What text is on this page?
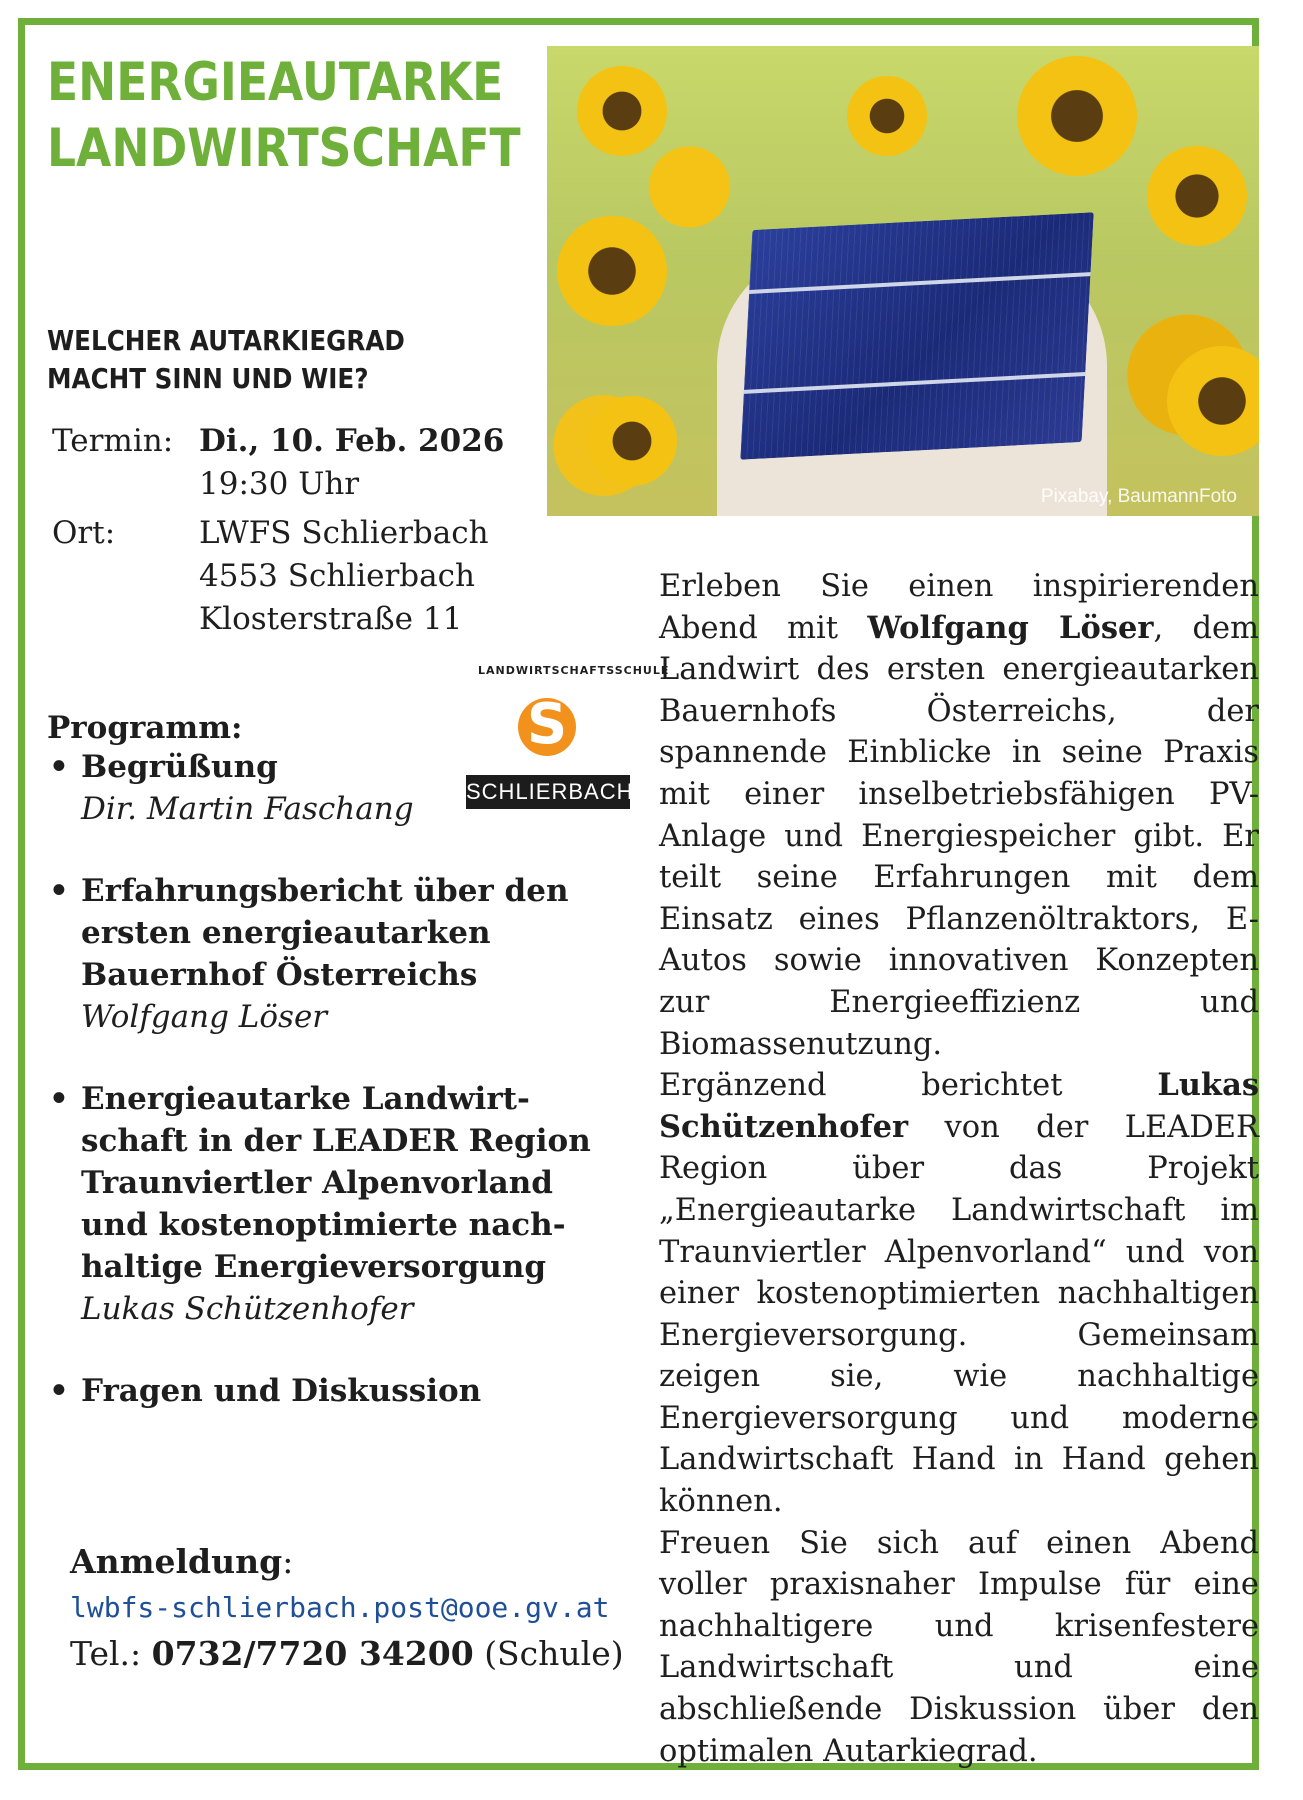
ENERGIEAUTARKE
LANDWIRTSCHAFT
Pixabay, BaumannFoto
WELCHER AUTARKIEGRAD
MACHT SINN UND WIE?
Termin: Di., 10. Feb. 2026
19:30 Uhr
Ort:	LWFS Schlierbach
4553 Schlierbach
Klosterstraße 11
LANDWIRTSCHAFTSSCHULE
S
SCHLIERBACH
Programm:
• Begrüßung
Dir. Martin Faschang
• Erfahrungsbericht über den
ersten energieautarken
Bauernhof Österreichs
Wolfgang Löser
• Energieautarke Landwirt-
schaft in der LEADER Region
Traunviertler Alpenvorland
und kostenoptimierte nach-
haltige Energieversorgung
Lukas Schützenhofer
• Fragen und Diskussion
Anmeldung:
lwbfs-schlierbach.post@ooe.gv.at
Tel.: 0732/7720 34200 (Schule)

Erleben Sie einen inspirierenden Abend mit Wolfgang Löser, dem Landwirt des ersten energieautarken Bauernhofs Österreichs, der spannende Einblicke in seine Praxis mit einer inselbetriebsfähigen PV-Anlage und Energiespeicher gibt. Er teilt seine Erfahrungen mit dem Einsatz eines Pflanzenöltraktors, E-Autos sowie innovativen Konzepten zur Energieeffizienz und Biomassenutzung.

Ergänzend berichtet Lukas Schützenhofer von der LEADER Region über das Projekt „Energieautarke Landwirtschaft im Traunviertler Alpenvorland“ und von einer kostenoptimierten nachhaltigen Energieversorgung. Gemeinsam zeigen sie, wie nachhaltige Energieversorgung und moderne Landwirtschaft Hand in Hand gehen können.

Freuen Sie sich auf einen Abend voller praxisnaher Impulse für eine nachhaltigere und krisenfestere Landwirtschaft und eine abschließende Diskussion über den optimalen Autarkiegrad.
